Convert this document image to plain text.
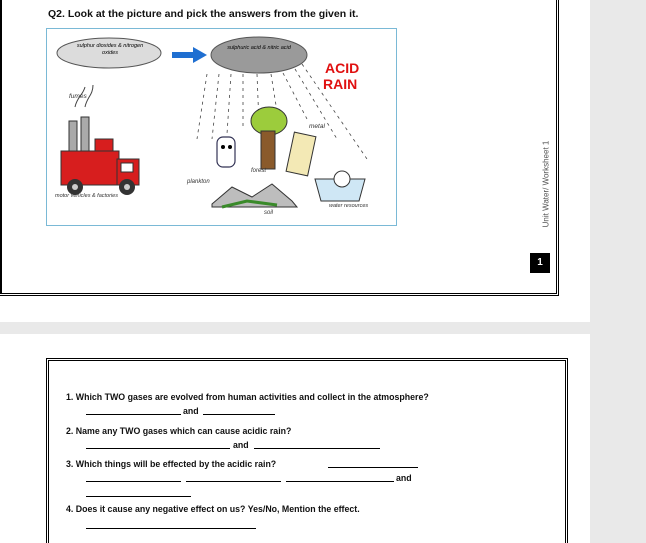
Q2. Look at the picture and pick the answers from the given it.
sulphur dioxides & nitrogen oxides
sulphuric acid & nitric acid
ACID
RAIN
fumes
metal
forest
plankton
soil
motor vehicles & factories
water resources	Unit Water/ Worksheet 1
1
1. Which TWO gases are evolved from human activities and collect in the atmosphere?
and
2. Name any TWO gases which can cause acidic rain?
and
3. Which things will be effected by the acidic rain?
and
4. Does it cause any negative effect on us? Yes/No, Mention the effect.
